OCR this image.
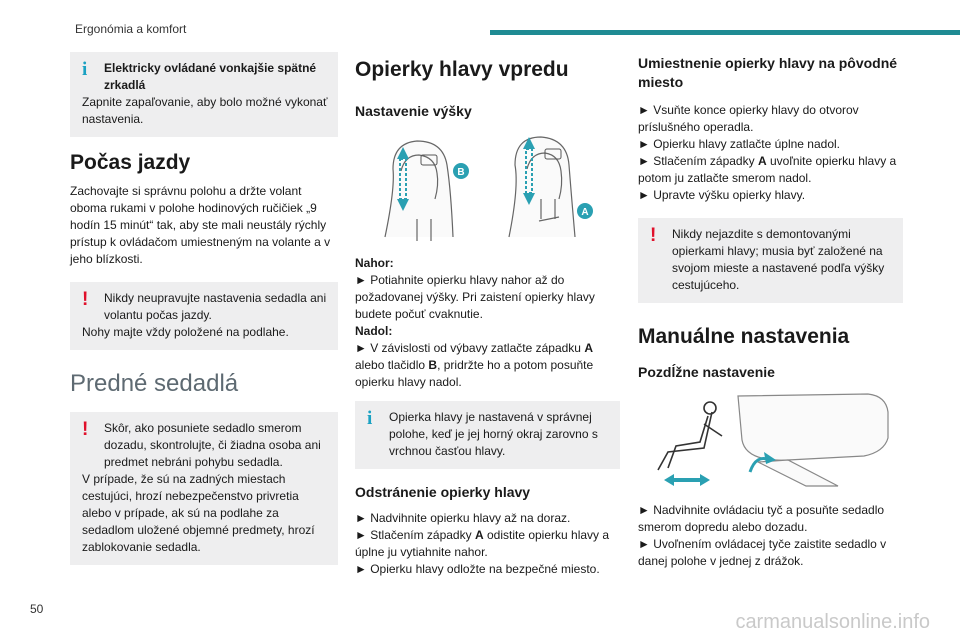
Ergonómia a komfort
i	Elektricky ovládané vonkajšie spätné zrkadlá
Zapnite zapaľovanie, aby bolo možné vykonať nastavenia.
Počas jazdy
Zachovajte si správnu polohu a držte volant oboma rukami v polohe hodinových ručičiek „9 hodín 15 minút“ tak, aby ste mali neustály rýchly prístup k ovládačom umiestneným na volante a v jeho blízkosti.
!	Nikdy neupravujte nastavenia sedadla ani volantu počas jazdy.
Nohy majte vždy položené na podlahe.
Predné sedadlá
!	Skôr, ako posuniete sedadlo smerom dozadu, skontrolujte, či žiadna osoba ani predmet nebráni pohybu sedadla.
V prípade, že sú na zadných miestach cestujúci, hrozí nebezpečenstvo privretia alebo v prípade, ak sú na podlahe za sedadlom uložené objemné predmety, hrozí zablokovanie sedadla.
Opierky hlavy vpredu
Nastavenie výšky
B
A
Nahor:
► Potiahnite opierku hlavy nahor až do požadovanej výšky. Pri zaistení opierky hlavy budete počuť cvaknutie.
Nadol:
► V závislosti od výbavy zatlačte západku A alebo tlačidlo B, pridržte ho a potom posuňte opierku hlavy nadol.
i	Opierka hlavy je nastavená v správnej polohe, keď je jej horný okraj zarovno s vrchnou časťou hlavy.
Odstránenie opierky hlavy
► Nadvihnite opierku hlavy až na doraz.
► Stlačením západky A odistite opierku hlavy a úplne ju vytiahnite nahor.
► Opierku hlavy odložte na bezpečné miesto.
Umiestnenie opierky hlavy na pôvodné miesto
► Vsuňte konce opierky hlavy do otvorov príslušného operadla.
► Opierku hlavy zatlačte úplne nadol.
► Stlačením západky A uvoľnite opierku hlavy a potom ju zatlačte smerom nadol.
► Upravte výšku opierky hlavy.
!	Nikdy nejazdite s demontovanými opierkami hlavy; musia byť založené na svojom mieste a nastavené podľa výšky cestujúceho.
Manuálne nastavenia
Pozdĺžne nastavenie
► Nadvihnite ovládaciu tyč a posuňte sedadlo smerom dopredu alebo dozadu.
► Uvoľnením ovládacej tyče zaistite sedadlo v danej polohe v jednej z drážok.
50
carmanualsonline.info
